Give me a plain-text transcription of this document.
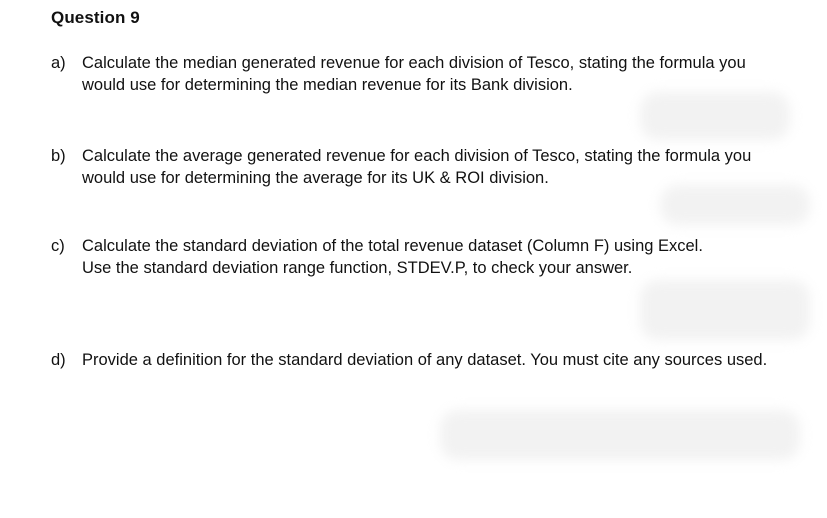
Question 9
a) Calculate the median generated revenue for each division of Tesco, stating the formula you would use for determining the median revenue for its Bank division.
b) Calculate the average generated revenue for each division of Tesco, stating the formula you would use for determining the average for its UK & ROI division.
c) Calculate the standard deviation of the total revenue dataset (Column F) using Excel. Use the standard deviation range function, STDEV.P, to check your answer.
d) Provide a definition for the standard deviation of any dataset. You must cite any sources used.
